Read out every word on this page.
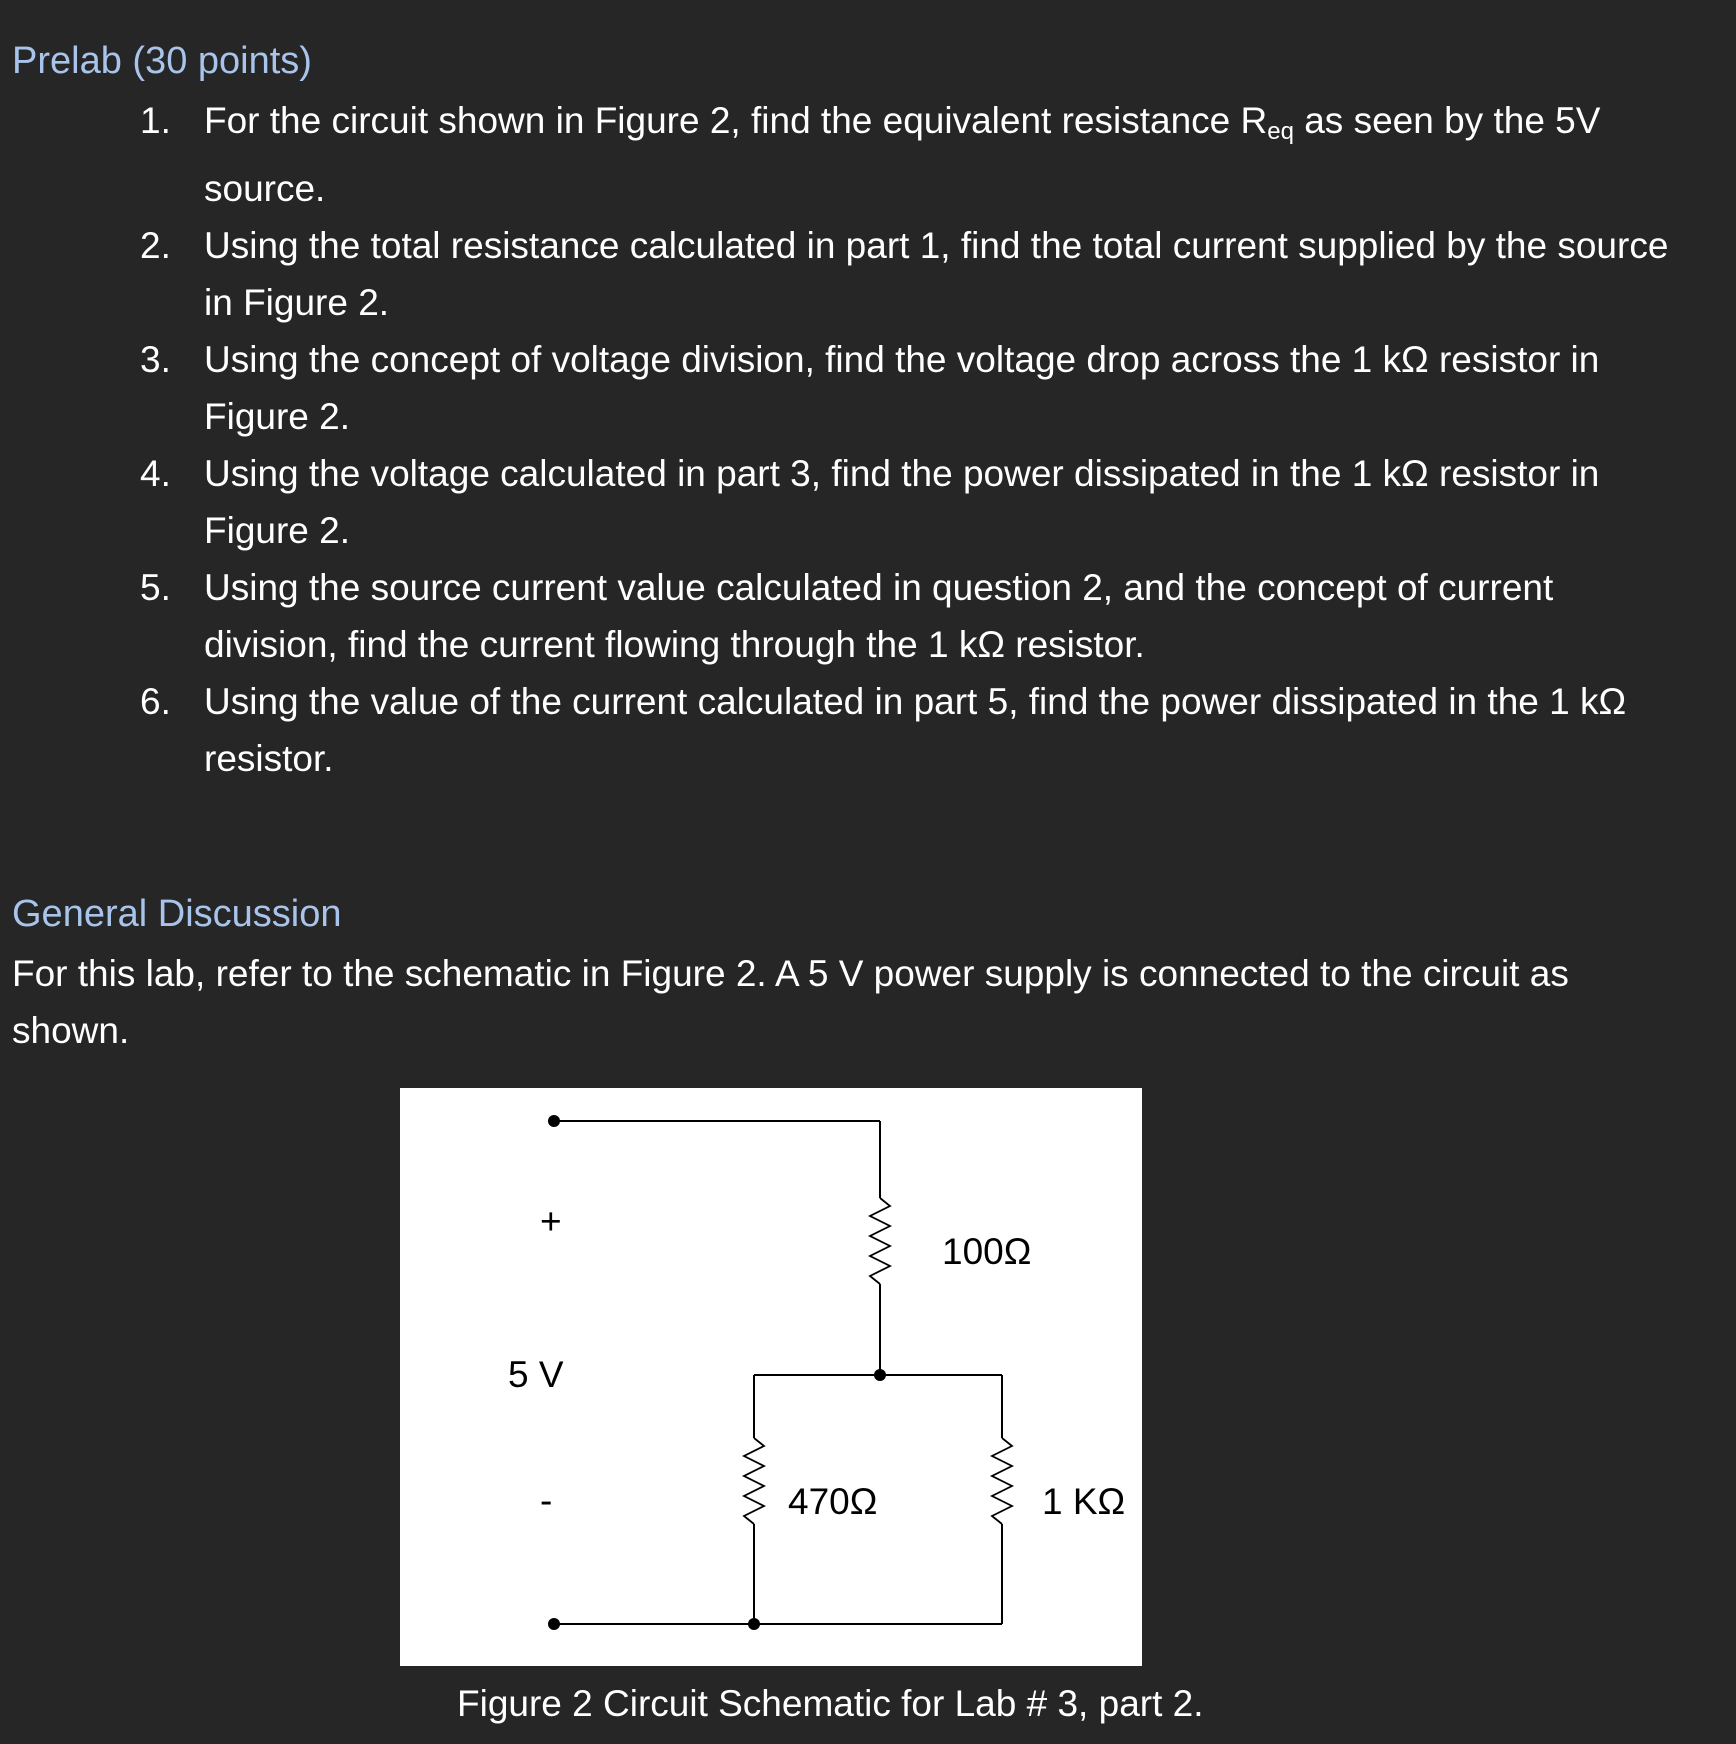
Prelab (30 points)
1. For the circuit shown in Figure 2, find the equivalent resistance $R_{eq}$ as seen by the 5V source.
2. Using the total resistance calculated in part 1, find the total current supplied by the source in Figure 2.
3. Using the concept of voltage division, find the voltage drop across the 1 kΩ resistor in Figure 2.
4. Using the voltage calculated in part 3, find the power dissipated in the 1 kΩ resistor in Figure 2.
5. Using the source current value calculated in question 2, and the concept of current division, find the current flowing through the 1 kΩ resistor.
6. Using the value of the current calculated in part 5, find the power dissipated in the 1 kΩ resistor.
General Discussion
For this lab, refer to the schematic in Figure 2. A 5 V power supply is connected to the circuit as shown.
+
5 V
-
100Ω
470Ω	1 KΩ
Figure 2 Circuit Schematic for Lab # 3, part 2.
